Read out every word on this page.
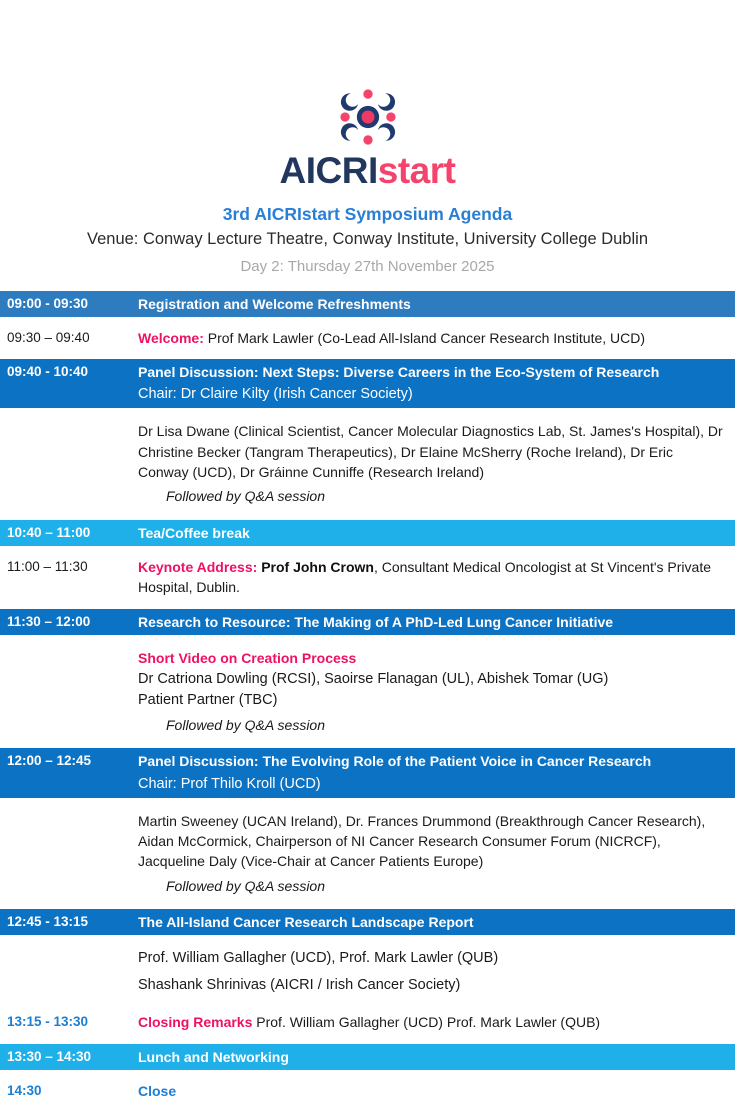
AICRIstart
3rd AICRIstart Symposium Agenda
Venue: Conway Lecture Theatre, Conway Institute, University College Dublin
Day 2: Thursday 27th November 2025
09:00 - 09:30	Registration and Welcome Refreshments
09:30 – 09:40	Welcome: Prof Mark Lawler (Co-Lead All-Island Cancer Research Institute, UCD)
09:40 - 10:40	Panel Discussion: Next Steps: Diverse Careers in the Eco-System of Research
Chair: Dr Claire Kilty (Irish Cancer Society)
Dr Lisa Dwane (Clinical Scientist, Cancer Molecular Diagnostics Lab, St. James's Hospital), Dr Christine Becker (Tangram Therapeutics), Dr Elaine McSherry (Roche Ireland), Dr Eric Conway (UCD), Dr Gráinne Cunniffe (Research Ireland)
Followed by Q&A session
10:40 – 11:00	Tea/Coffee break
11:00 – 11:30	Keynote Address: Prof John Crown, Consultant Medical Oncologist at St Vincent's Private Hospital, Dublin.
11:30 – 12:00	Research to Resource: The Making of A PhD-Led Lung Cancer Initiative
Short Video on Creation Process
Dr Catriona Dowling (RCSI), Saoirse Flanagan (UL), Abishek Tomar (UG)
Patient Partner (TBC)
Followed by Q&A session
12:00 – 12:45	Panel Discussion: The Evolving Role of the Patient Voice in Cancer Research
Chair: Prof Thilo Kroll (UCD)
Martin Sweeney (UCAN Ireland), Dr. Frances Drummond (Breakthrough Cancer Research), Aidan McCormick, Chairperson of NI Cancer Research Consumer Forum (NICRCF), Jacqueline Daly (Vice-Chair at Cancer Patients Europe)
Followed by Q&A session
12:45 - 13:15	The All-Island Cancer Research Landscape Report
Prof. William Gallagher (UCD), Prof. Mark Lawler (QUB)
Shashank Shrinivas (AICRI / Irish Cancer Society)
13:15 - 13:30	Closing Remarks Prof. William Gallagher (UCD) Prof. Mark Lawler (QUB)
13:30 – 14:30	Lunch and Networking
14:30	Close
